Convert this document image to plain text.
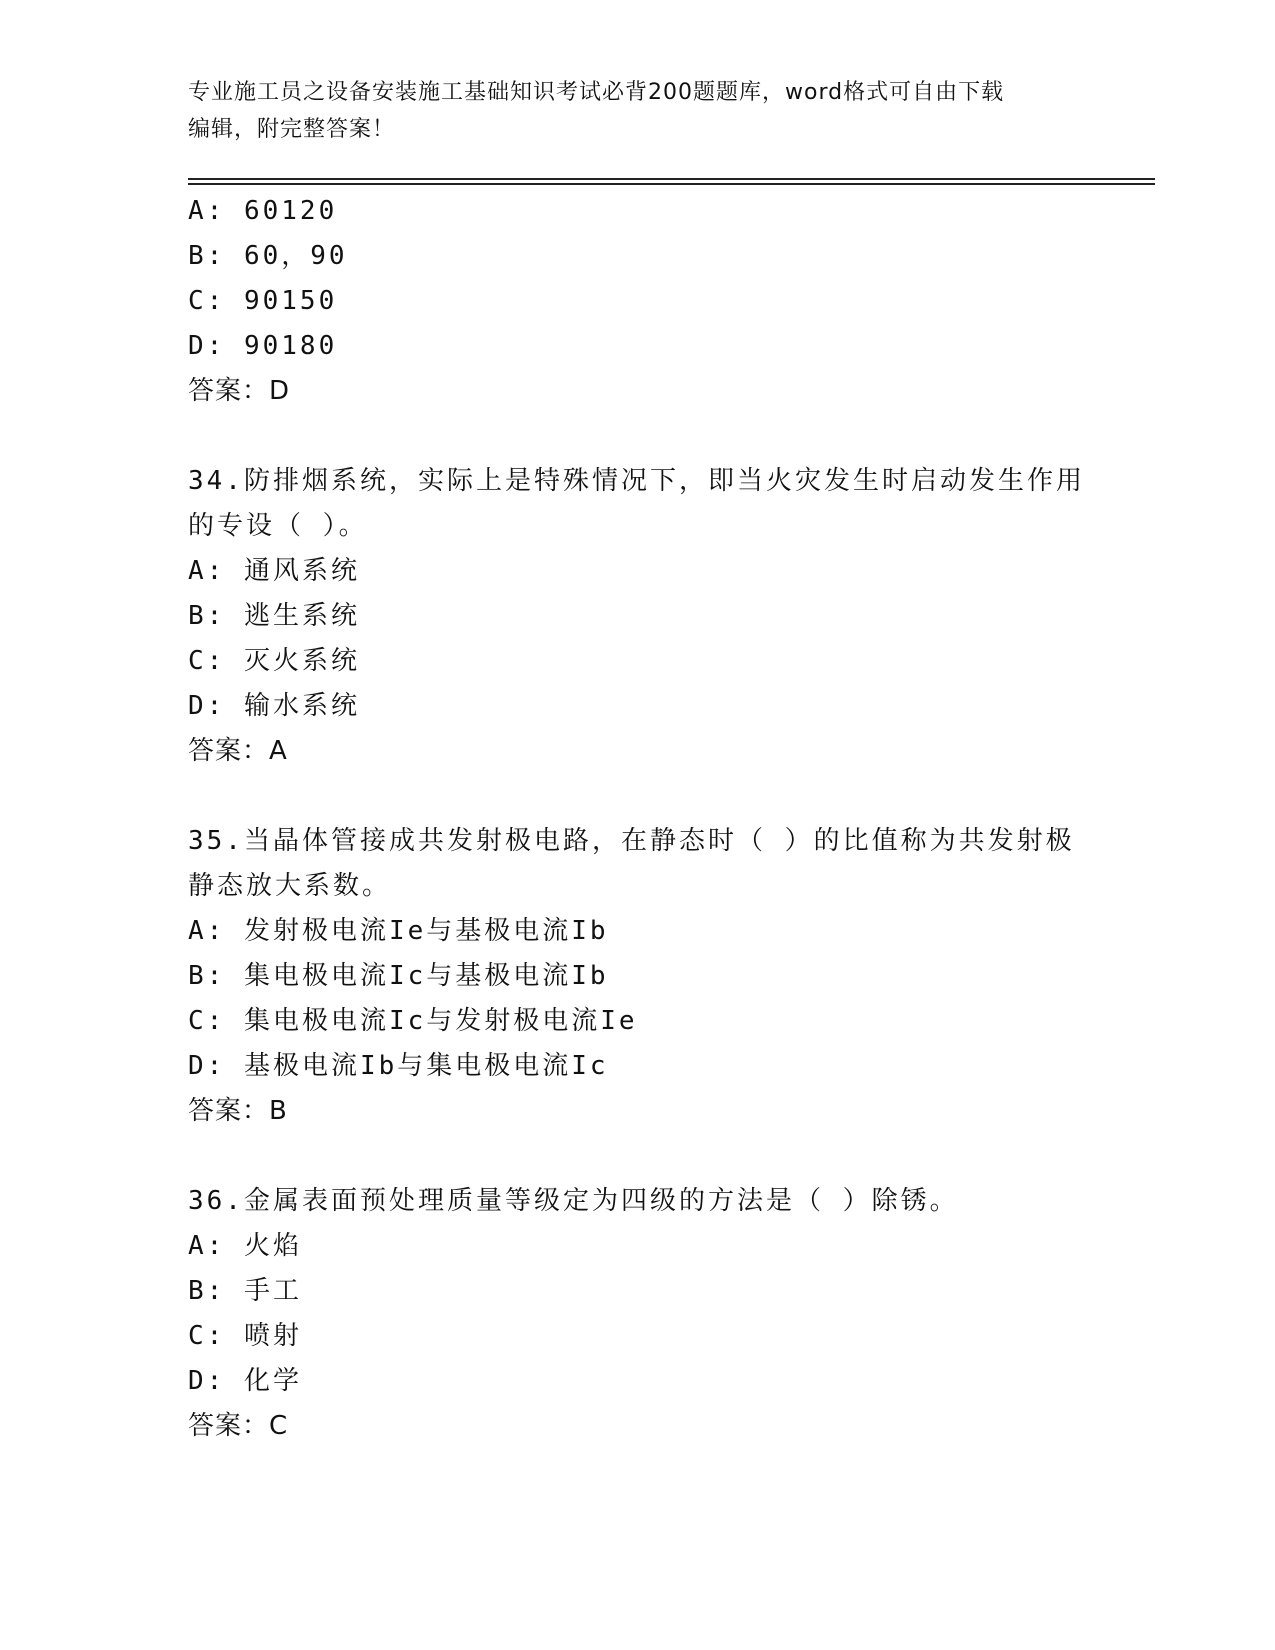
专业施工员之设备安装施工基础知识考试必背200题题库，word格式可自由下载
编辑，附完整答案！
A: 60120
B: 60，90
C: 90150
D: 90180
答案：D
34.防排烟系统，实际上是特殊情况下，即当火灾发生时启动发生作用
的专设（ ）。
A: 通风系统
B: 逃生系统
C: 灭火系统
D: 输水系统
答案：A
35.当晶体管接成共发射极电路，在静态时（ ）的比值称为共发射极
静态放大系数。
A: 发射极电流Ie与基极电流Ib
B: 集电极电流Ic与基极电流Ib
C: 集电极电流Ic与发射极电流Ie
D: 基极电流Ib与集电极电流Ic
答案：B
36.金属表面预处理质量等级定为四级的方法是（ ）除锈。
A: 火焰
B: 手工
C: 喷射
D: 化学
答案：C
